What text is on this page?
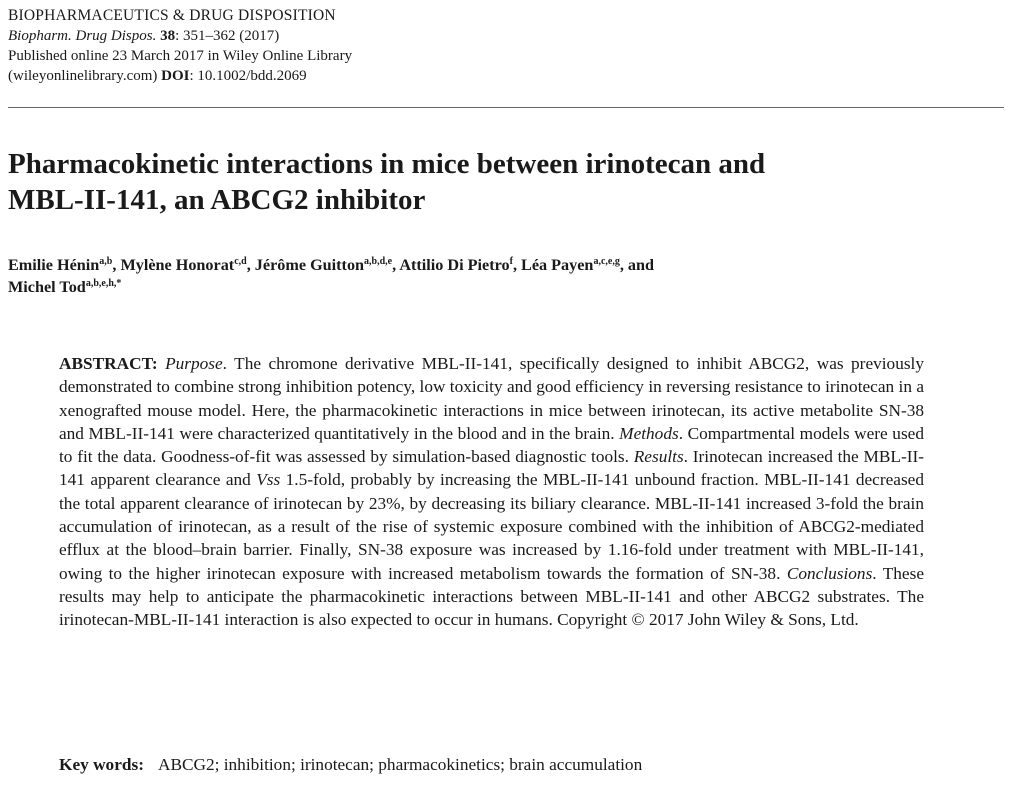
BIOPHARMACEUTICS & DRUG DISPOSITION
Biopharm. Drug Dispos. 38: 351–362 (2017)
Published online 23 March 2017 in Wiley Online Library
(wileyonlinelibrary.com) DOI: 10.1002/bdd.2069
Pharmacokinetic interactions in mice between irinotecan and
MBL-II-141, an ABCG2 inhibitor
Emilie Hénin$^{a,b}$, Mylène Honorat$^{c,d}$, Jérôme Guitton$^{a,b,d,e}$, Attilio Di Pietro$^f$, Léa Payen$^{a,c,e,g}$, and
Michel Tod$^{a,b,e,h,*}$
ABSTRACT: Purpose. The chromone derivative MBL-II-141, specifically designed to inhibit ABCG2, was previously demonstrated to combine strong inhibition potency, low toxicity and good efficiency in reversing resistance to irinotecan in a xenografted mouse model. Here, the pharmacokinetic interactions in mice between irinotecan, its active metabolite SN-38 and MBL-II-141 were characterized quantitatively in the blood and in the brain. Methods. Compartmental models were used to fit the data. Goodness-of-fit was assessed by simulation-based diagnostic tools. Results. Irinotecan increased the MBL-II-141 apparent clearance and Vss 1.5-fold, probably by increasing the MBL-II-141 unbound fraction. MBL-II-141 decreased the total apparent clearance of irinotecan by 23%, by decreasing its biliary clearance. MBL-II-141 increased 3-fold the brain accumulation of irinotecan, as a result of the rise of systemic exposure combined with the inhibition of ABCG2-mediated efflux at the blood–brain barrier. Finally, SN-38 exposure was increased by 1.16-fold under treatment with MBL-II-141, owing to the higher irinotecan exposure with increased metabolism towards the formation of SN-38. Conclusions. These results may help to anticipate the pharmacokinetic interactions between MBL-II-141 and other ABCG2 substrates. The irinotecan-MBL-II-141 interaction is also expected to occur in humans. Copyright © 2017 John Wiley & Sons, Ltd.
Key words: ABCG2; inhibition; irinotecan; pharmacokinetics; brain accumulation
